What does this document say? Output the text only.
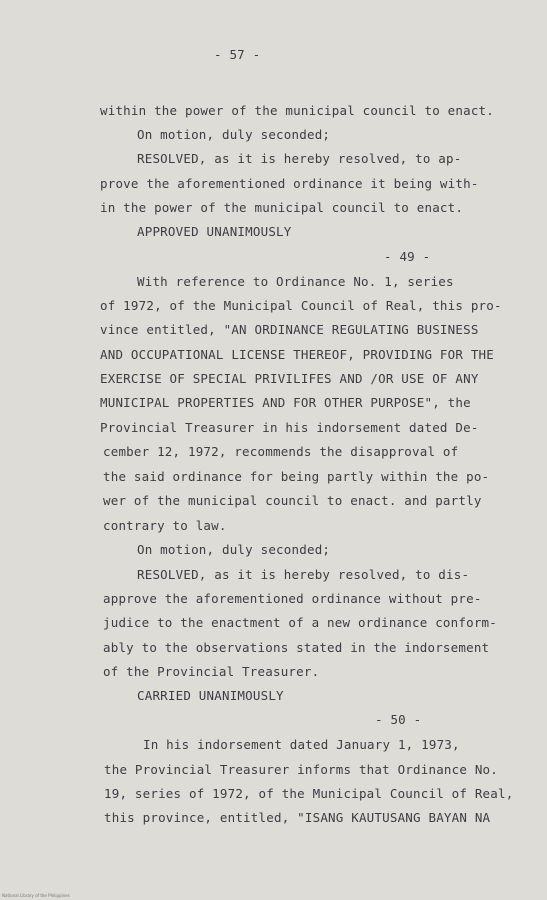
- 57 -
within the power of the municipal council to enact.
On motion, duly seconded;
RESOLVED, as it is hereby resolved, to ap-
prove the aforementioned ordinance it being with-
in the power of the municipal council to enact.
APPROVED UNANIMOUSLY
- 49 -
With reference to Ordinance No. 1, series
of 1972, of the Municipal Council of Real, this pro-
vince entitled, "AN ORDINANCE REGULATING BUSINESS
AND OCCUPATIONAL LICENSE THEREOF, PROVIDING FOR THE
EXERCISE OF SPECIAL PRIVILIFES AND /OR USE OF ANY
MUNICIPAL PROPERTIES AND FOR OTHER PURPOSE", the
Provincial Treasurer in his indorsement dated De-
cember 12, 1972, recommends the disapproval of
the said ordinance for being partly within the po-
wer of the municipal council to enact. and partly
contrary to law.
On motion, duly seconded;
RESOLVED, as it is hereby resolved, to dis-
approve the aforementioned ordinance without pre-
judice to the enactment of a new ordinance conform-
ably to the observations stated in the indorsement
of the Provincial Treasurer.
CARRIED UNANIMOUSLY
- 50 -
In his indorsement dated January 1, 1973,
the Provincial Treasurer informs that Ordinance No.
19, series of 1972, of the Municipal Council of Real,
this province, entitled, "ISANG KAUTUSANG BAYAN NA
National Library of the Philippines
